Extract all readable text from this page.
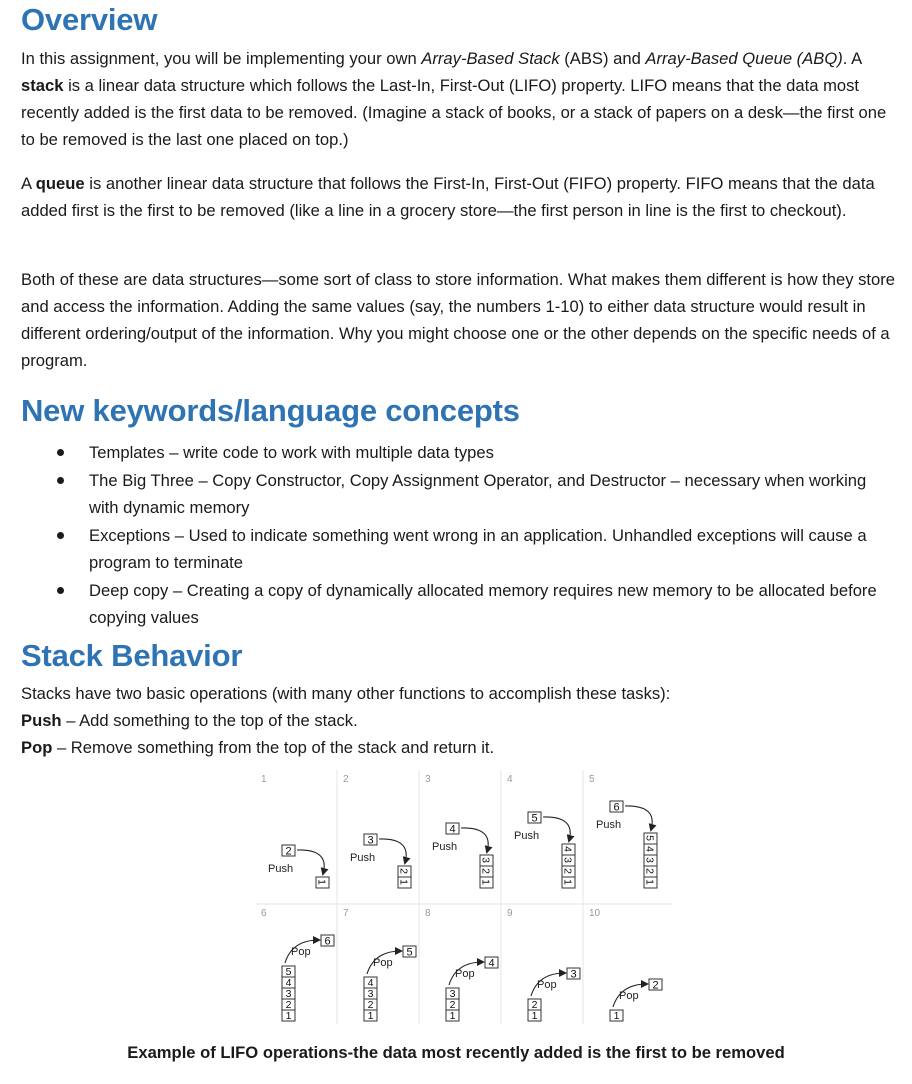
Overview

In this assignment, you will be implementing your own Array-Based Stack (ABS) and Array-Based Queue (ABQ). A stack is a linear data structure which follows the Last-In, First-Out (LIFO) property. LIFO means that the data most recently added is the first data to be removed. (Imagine a stack of books, or a stack of papers on a desk—the first one to be removed is the last one placed on top.)

A queue is another linear data structure that follows the First-In, First-Out (FIFO) property. FIFO means that the data added first is the first to be removed (like a line in a grocery store—the first person in line is the first to checkout).

Both of these are data structures—some sort of class to store information. What makes them different is how they store and access the information. Adding the same values (say, the numbers 1-10) to either data structure would result in different ordering/output of the information. Why you might choose one or the other depends on the specific needs of a program.

New keywords/language concepts
Templates – write code to work with multiple data types
The Big Three – Copy Constructor, Copy Assignment Operator, and Destructor – necessary when working with dynamic memory
Exceptions – Used to indicate something went wrong in an application. Unhandled exceptions will cause a program to terminate
Deep copy – Creating a copy of dynamically allocated memory requires new memory to be allocated before copying values
Stack Behavior

Stacks have two basic operations (with many other functions to accomplish these tasks):

Push – Add something to the top of the stack.

Pop – Remove something from the top of the stack and return it.

1
1
2
Push
2
1
2
3
Push
3
1
2
3
4
Push
4
1
2
3
4
5
Push
5
1
2
3
4
5
6
Push
6
1
2
3
4
5
6
Pop
7
1
2
3
4
5
Pop
8
1
2
3
4
Pop
9
1
2
3
Pop
10
1
2
Pop
Example of LIFO operations-the data most recently added is the first to be removed
